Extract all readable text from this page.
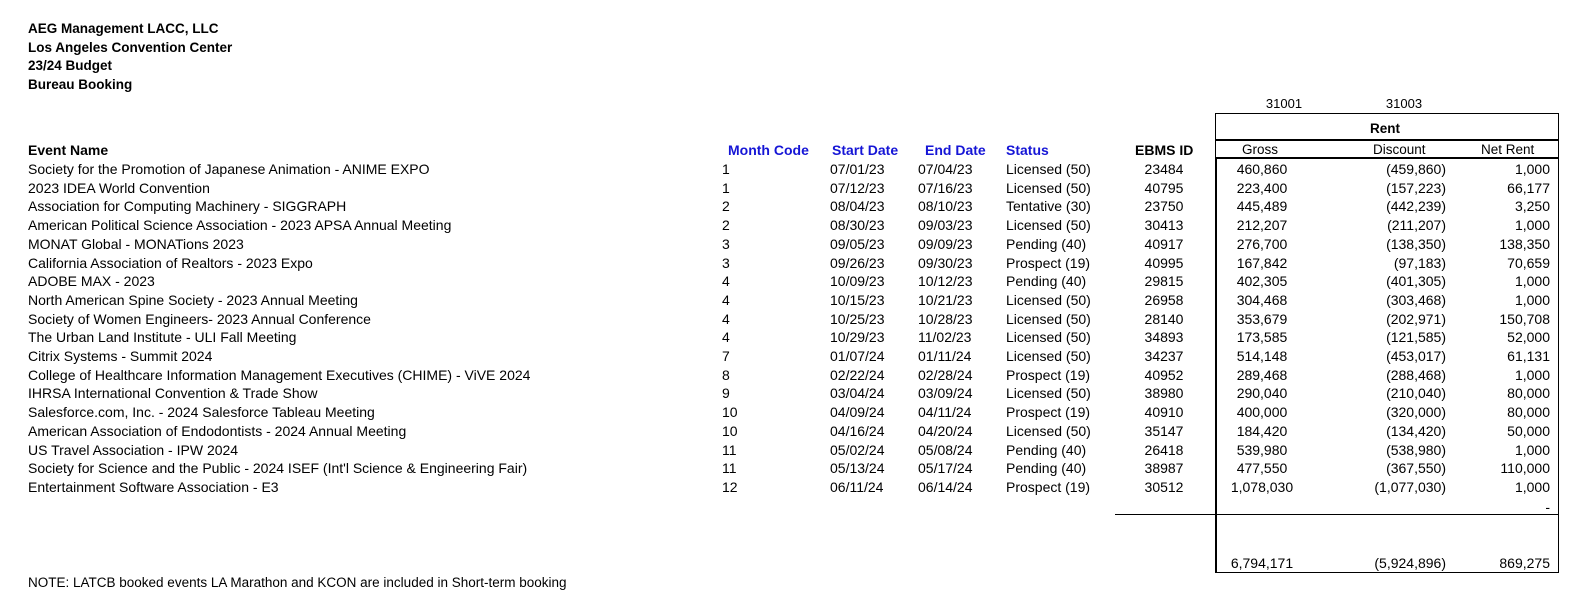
AEG Management LACC, LLC
Los Angeles Convention Center
23/24 Budget
Bureau Booking
31001	31003
Rent
Event Name	Month Code Start Date End Date Status	EBMS ID	Gross	Discount	Net Rent
Society for the Promotion of Japanese Animation - ANIME EXPO	1	07/01/23 07/04/23 Licensed (50)	23484	460,860	(459,860)	1,000
2023 IDEA World Convention	1	07/12/23 07/16/23 Licensed (50)	40795	223,400	(157,223)	66,177
Association for Computing Machinery - SIGGRAPH	2	08/04/23 08/10/23 Tentative (30)	23750	445,489	(442,239)	3,250
American Political Science Association - 2023 APSA Annual Meeting	2	08/30/23 09/03/23 Licensed (50)	30413	212,207	(211,207)	1,000
MONAT Global - MONATions 2023	3	09/05/23 09/09/23 Pending (40)	40917	276,700	(138,350)	138,350
California Association of Realtors - 2023 Expo	3	09/26/23 09/30/23 Prospect (19)	40995	167,842	(97,183)	70,659
ADOBE MAX - 2023	4	10/09/23 10/12/23 Pending (40)	29815	402,305	(401,305)	1,000
North American Spine Society - 2023 Annual Meeting	4	10/15/23 10/21/23 Licensed (50)	26958	304,468	(303,468)	1,000
Society of Women Engineers- 2023 Annual Conference	4	10/25/23 10/28/23 Licensed (50)	28140	353,679	(202,971)	150,708
The Urban Land Institute - ULI Fall Meeting	4	10/29/23 11/02/23 Licensed (50)	34893	173,585	(121,585)	52,000
Citrix Systems - Summit 2024	7	01/07/24 01/11/24 Licensed (50)	34237	514,148	(453,017)	61,131
College of Healthcare Information Management Executives (CHIME) - ViVE 2024	8	02/22/24 02/28/24 Prospect (19)	40952	289,468	(288,468)	1,000
IHRSA International Convention & Trade Show	9	03/04/24 03/09/24 Licensed (50)	38980	290,040	(210,040)	80,000
Salesforce.com, Inc. - 2024 Salesforce Tableau Meeting	10	04/09/24 04/11/24 Prospect (19)	40910	400,000	(320,000)	80,000
American Association of Endodontists - 2024 Annual Meeting	10	04/16/24 04/20/24 Licensed (50)	35147	184,420	(134,420)	50,000
US Travel Association - IPW 2024	11	05/02/24 05/08/24 Pending (40)	26418	539,980	(538,980)	1,000
Society for Science and the Public - 2024 ISEF (Int'l Science & Engineering Fair)	11	05/13/24 05/17/24 Pending (40)	38987	477,550	(367,550)	110,000
Entertainment Software Association - E3	12	06/11/24 06/14/24 Prospect (19)	30512	1,078,030	(1,077,030)	1,000
-
6,794,171	(5,924,896)	869,275
NOTE: LATCB booked events LA Marathon and KCON are included in Short-term booking
